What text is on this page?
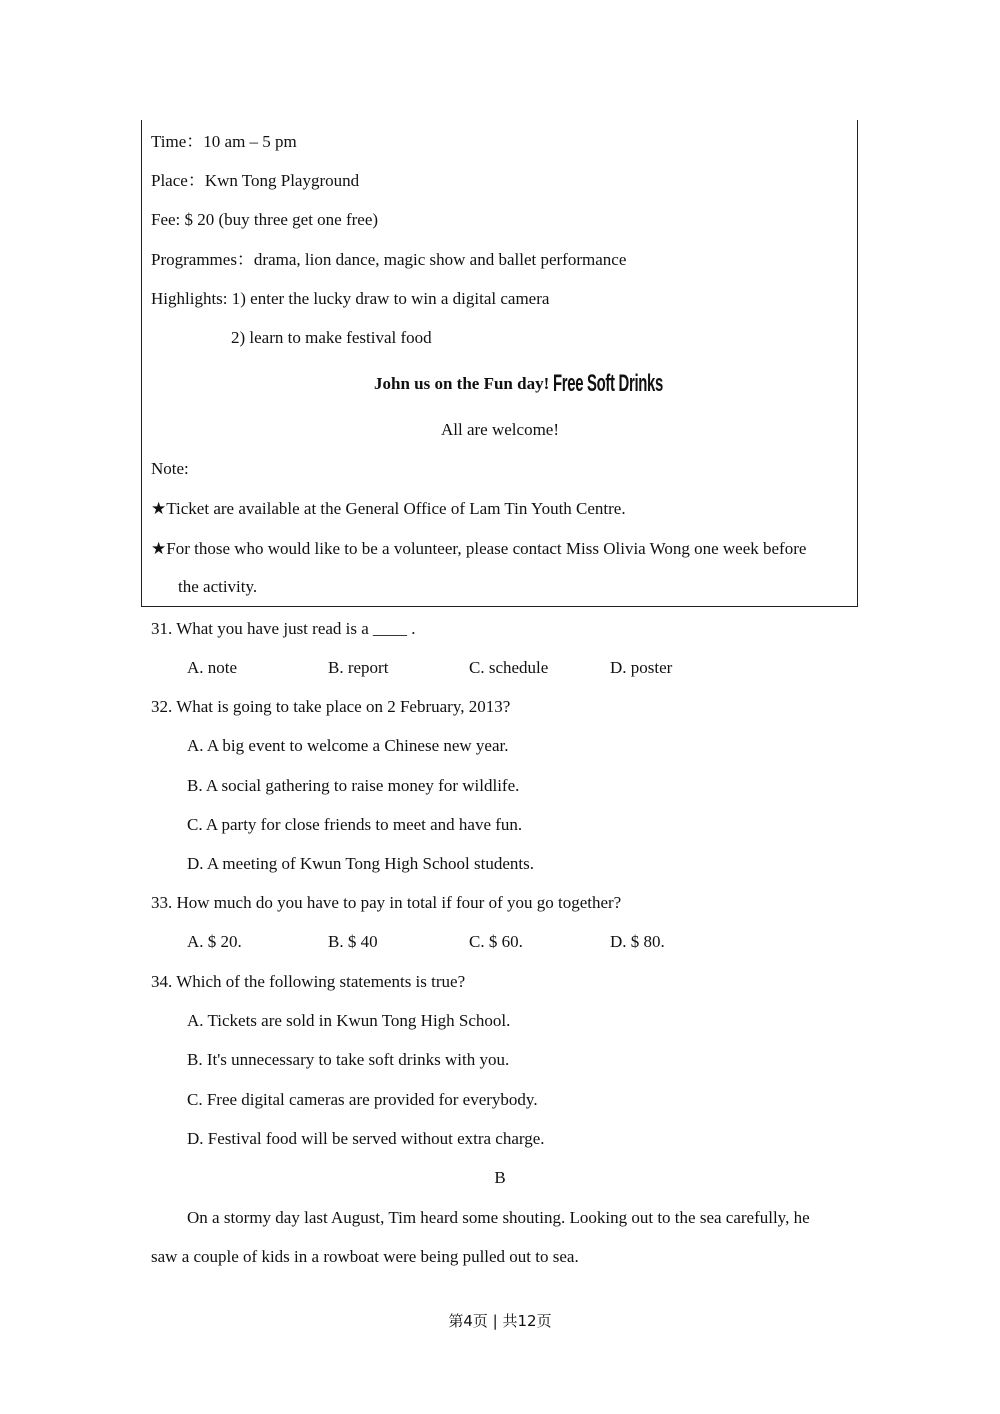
Time：10 am – 5 pm
Place：Kwn Tong Playground
Fee: $ 20 (buy three get one free)
Programmes：drama, lion dance, magic show and ballet performance
Highlights: 1) enter the lucky draw to win a digital camera
2) learn to make festival food
John us on the Fun day! Free Soft Drinks
All are welcome!
Note:
★Ticket are available at the General Office of Lam Tin Youth Centre.
★For those who would like to be a volunteer, please contact Miss Olivia Wong one week before
the activity.
31. What you have just read is a ____ .
A. note	B. report	C. schedule	D. poster
32. What is going to take place on 2 February, 2013?
A. A big event to welcome a Chinese new year.
B. A social gathering to raise money for wildlife.
C. A party for close friends to meet and have fun.
D. A meeting of Kwun Tong High School students.
33. How much do you have to pay in total if four of you go together?
A. $ 20.	B. $ 40	C. $ 60.	D. $ 80.
34. Which of the following statements is true?
A. Tickets are sold in Kwun Tong High School.
B. It's unnecessary to take soft drinks with you.
C. Free digital cameras are provided for everybody.
D. Festival food will be served without extra charge.
B
On a stormy day last August, Tim heard some shouting. Looking out to the sea carefully, he
saw a couple of kids in a rowboat were being pulled out to sea.
第4页 | 共12页
